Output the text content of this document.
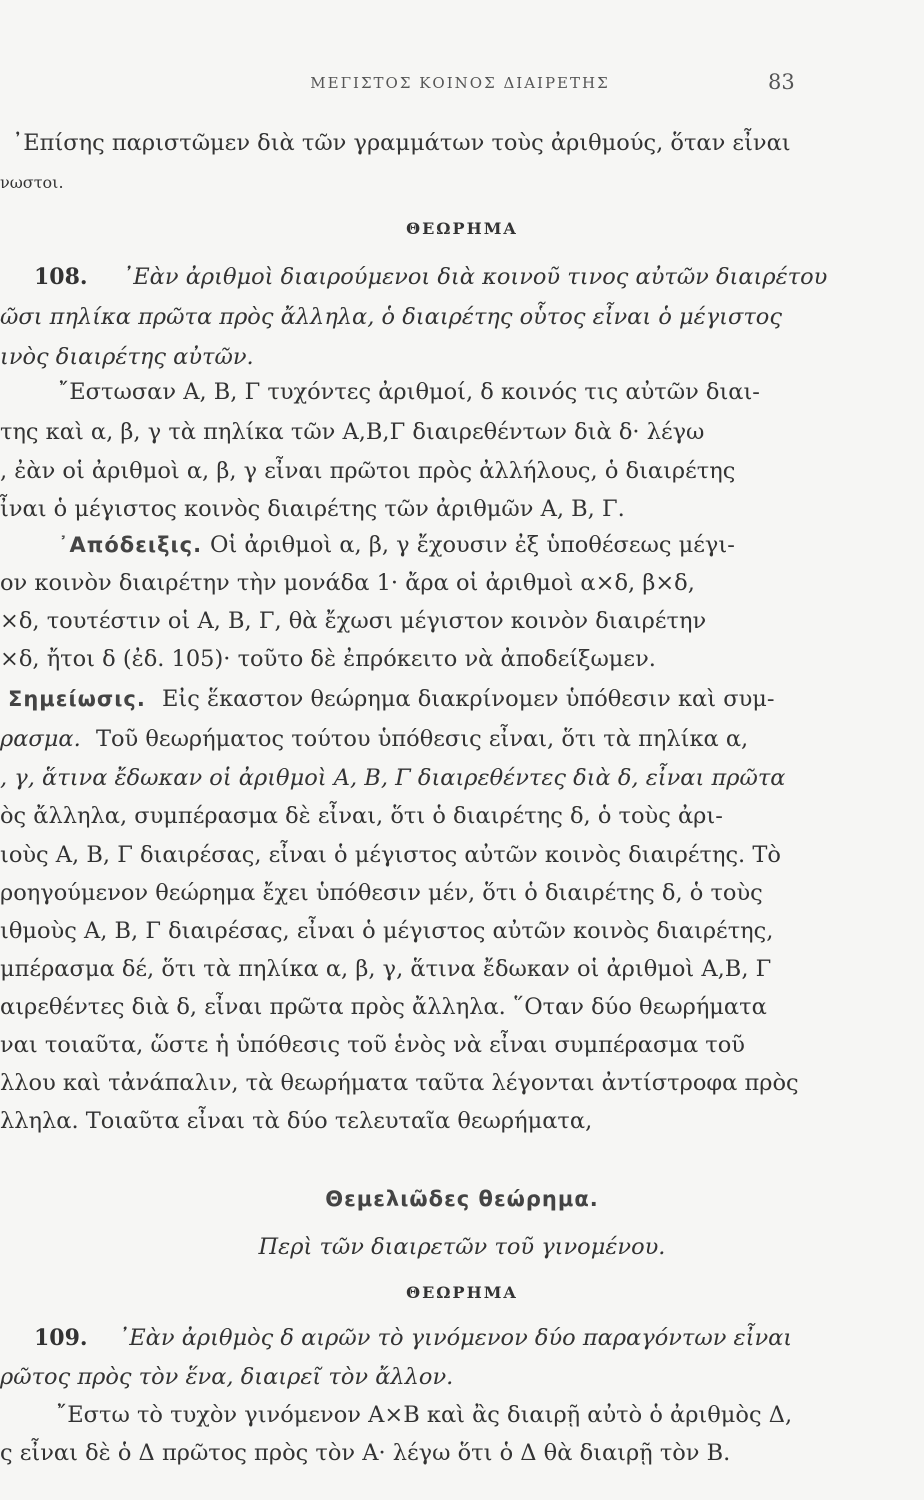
ΜΕΓΙΣΤΟΣ ΚΟΙΝΟΣ ΔΙΑΙΡΕΤΗΣ	83
᾽Επίσης παριστῶμεν διὰ τῶν γραμμάτων τοὺς ἀριθμούς, ὅταν εἶναι
νωστοι.
ΘΕΩΡΗΜΑ
108. ᾽Εὰν ἀριθμοὶ διαιρούμενοι διὰ κοινοῦ τινος αὐτῶν διαιρέτου
ῶσι πηλίκα πρῶτα πρὸς ἄλληλα, ὁ διαιρέτης οὗτος εἶναι ὁ μέγιστος
ινὸς διαιρέτης αὐτῶν.
῎Εστωσαν Α, Β, Γ τυχόντες ἀριθμοί, δ κοινός τις αὐτῶν διαι-
της καὶ α, β, γ τὰ πηλίκα τῶν Α,Β,Γ διαιρεθέντων διὰ δ· λέγω
, ἐὰν οἱ ἀριθμοὶ α, β, γ εἶναι πρῶτοι πρὸς ἀλλήλους, ὁ διαιρέτης
ἶναι ὁ μέγιστος κοινὸς διαιρέτης τῶν ἀριθμῶν Α, Β, Γ.
᾽Απόδειξις. Οἱ ἀριθμοὶ α, β, γ ἔχουσιν ἐξ ὑποθέσεως μέγι-
ον κοινὸν διαιρέτην τὴν μονάδα 1· ἄρα οἱ ἀριθμοὶ α×δ, β×δ,
×δ, τουτέστιν οἱ Α, Β, Γ, θὰ ἔχωσι μέγιστον κοινὸν διαιρέτην
×δ, ἤτοι δ (ἐδ. 105)· τοῦτο δὲ ἐπρόκειτο νὰ ἀποδείξωμεν.
Σημείωσις. Εἰς ἕκαστον θεώρημα διακρίνομεν ὑπόθεσιν καὶ συμ-
ρασμα. Τοῦ θεωρήματος τούτου ὑπόθεσις εἶναι, ὅτι τὰ πηλίκα α,
, γ, ἅτινα ἔδωκαν οἱ ἀριθμοὶ Α, Β, Γ διαιρεθέντες διὰ δ, εἶναι πρῶτα
ὸς ἄλληλα, συμπέρασμα δὲ εἶναι, ὅτι ὁ διαιρέτης δ, ὁ τοὺς ἀρι-
ιοὺς Α, Β, Γ διαιρέσας, εἶναι ὁ μέγιστος αὐτῶν κοινὸς διαιρέτης. Τὸ
ροηγούμενον θεώρημα ἔχει ὑπόθεσιν μέν, ὅτι ὁ διαιρέτης δ, ὁ τοὺς
ιθμοὺς Α, Β, Γ διαιρέσας, εἶναι ὁ μέγιστος αὐτῶν κοινὸς διαιρέτης,
μπέρασμα δέ, ὅτι τὰ πηλίκα α, β, γ, ἅτινα ἔδωκαν οἱ ἀριθμοὶ Α,Β, Γ
αιρεθέντες διὰ δ, εἶναι πρῶτα πρὸς ἄλληλα. ῞Οταν δύο θεωρήματα
ναι τοιαῦτα, ὥστε ἡ ὑπόθεσις τοῦ ἑνὸς νὰ εἶναι συμπέρασμα τοῦ
λλου καὶ τἀνάπαλιν, τὰ θεωρήματα ταῦτα λέγονται ἀντίστροφα πρὸς
λληλα. Τοιαῦτα εἶναι τὰ δύο τελευταῖα θεωρήματα,
Θεμελιῶδες θεώρημα.
Περὶ τῶν διαιρετῶν τοῦ γινομένου.
ΘΕΩΡΗΜΑ
109. ᾽Εὰν ἀριθμὸς δ αιρῶν τὸ γινόμενον δύο παραγόντων εἶναι
ρῶτος πρὸς τὸν ἕνα, διαιρεῖ τὸν ἄλλον.
῎Εστω τὸ τυχὸν γινόμενον Α×Β καὶ ἂς διαιρῇ αὐτὸ ὁ ἀριθμὸς Δ,
ς εἶναι δὲ ὁ Δ πρῶτος πρὸς τὸν Α· λέγω ὅτι ὁ Δ θὰ διαιρῇ τὸν Β.
